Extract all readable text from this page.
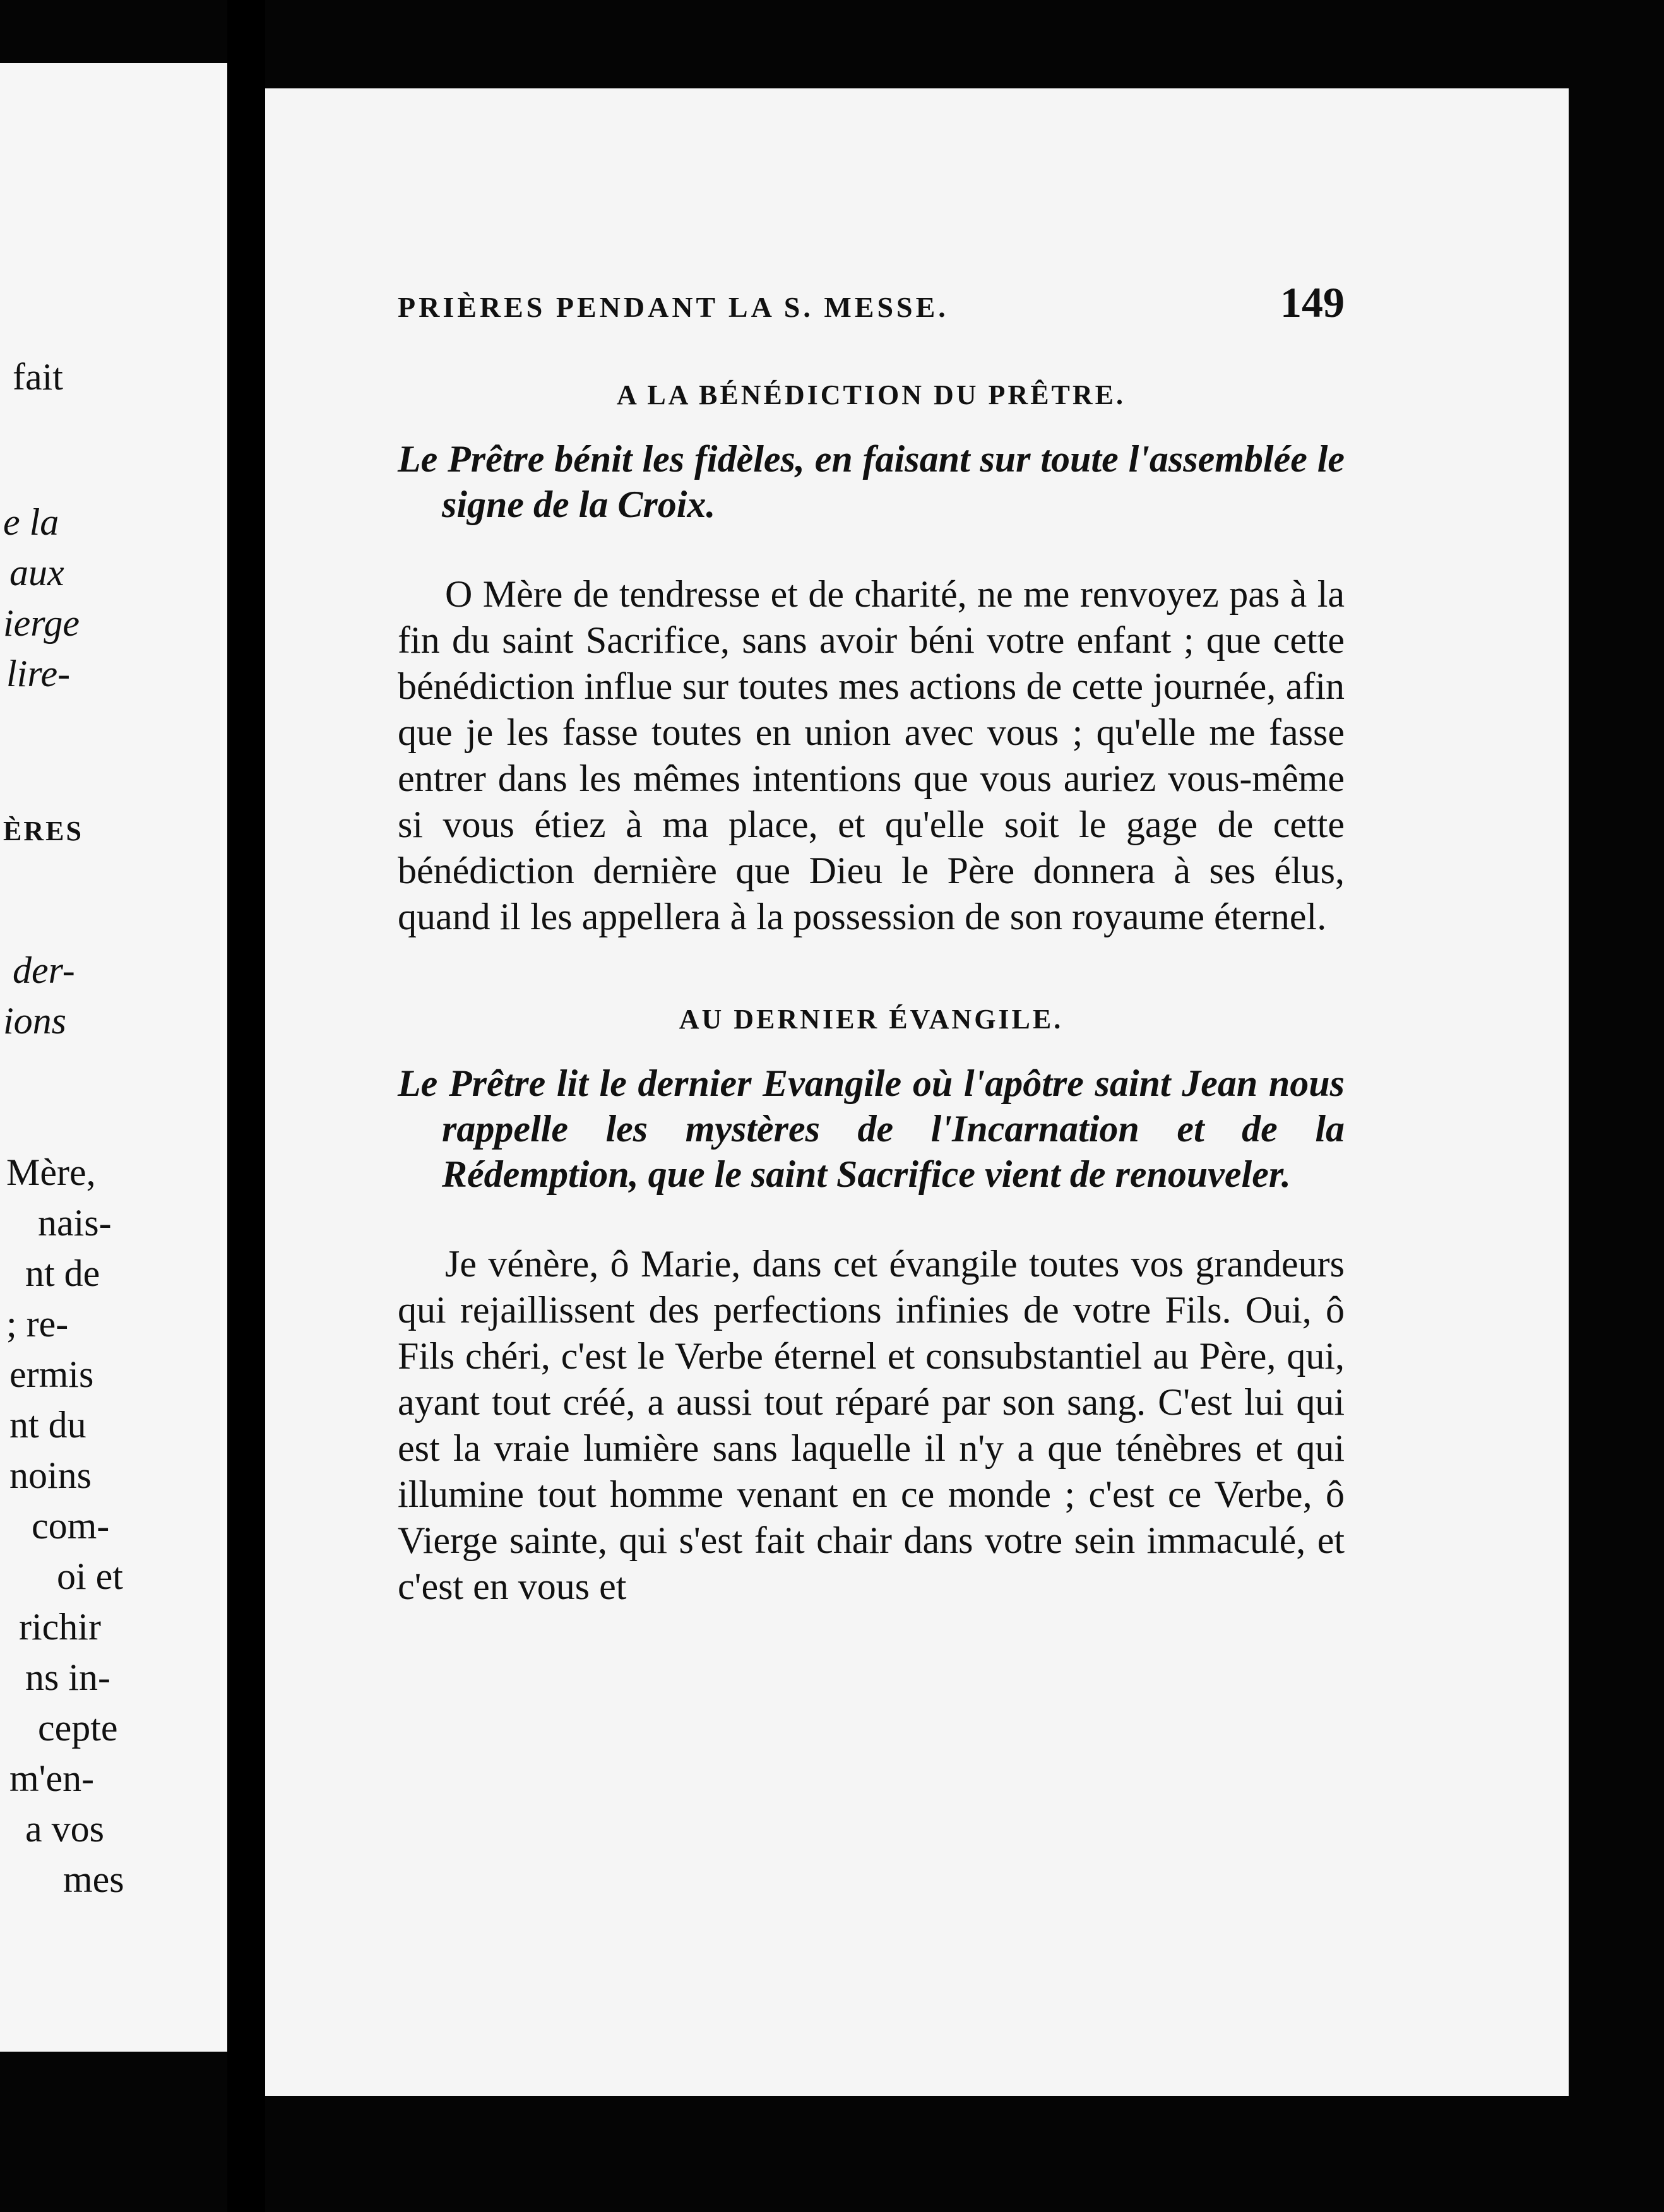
fait
e la
aux
ierge
lire-
ÈRES
der-
ions
Mère,
nais-
nt de
; re-
ermis
nt du
noins
com-
oi et
richir
ns in-
cepte
m'en-
a vos
mes
PRIÈRES PENDANT LA S. MESSE.	149
A LA BÉNÉDICTION DU PRÊTRE.

Le Prêtre bénit les fidèles, en faisant sur toute l'assemblée le signe de la Croix.

O Mère de tendresse et de charité, ne me renvoyez pas à la fin du saint Sacrifice, sans avoir béni votre enfant ; que cette bénédiction influe sur toutes mes actions de cette journée, afin que je les fasse toutes en union avec vous ; qu'elle me fasse entrer dans les mêmes intentions que vous auriez vous-même si vous étiez à ma place, et qu'elle soit le gage de cette bénédiction dernière que Dieu le Père donnera à ses élus, quand il les appellera à la possession de son royaume éternel.

AU DERNIER ÉVANGILE.

Le Prêtre lit le dernier Evangile où l'apôtre saint Jean nous rappelle les mystères de l'Incarnation et de la Rédemption, que le saint Sacrifice vient de renouveler.

Je vénère, ô Marie, dans cet évangile toutes vos grandeurs qui rejaillissent des perfections infinies de votre Fils. Oui, ô Fils chéri, c'est le Verbe éternel et consubstantiel au Père, qui, ayant tout créé, a aussi tout réparé par son sang. C'est lui qui est la vraie lumière sans laquelle il n'y a que ténèbres et qui illumine tout homme venant en ce monde ; c'est ce Verbe, ô Vierge sainte, qui s'est fait chair dans votre sein immaculé, et c'est en vous et
